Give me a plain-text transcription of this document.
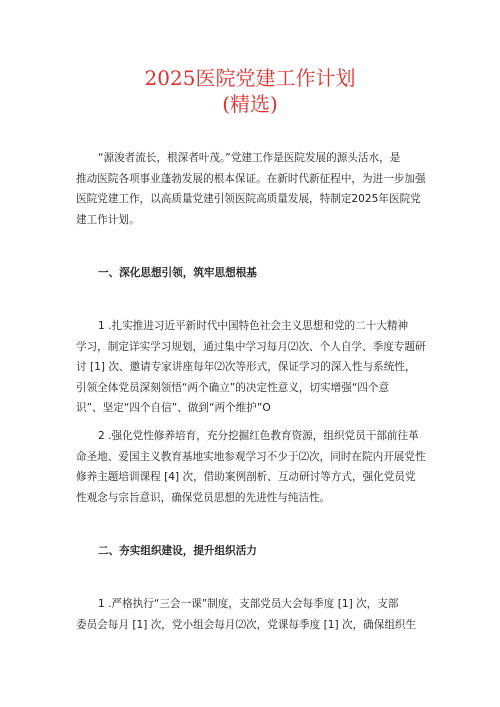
2025医院党建工作计划
(精选)

“源浚者流长，根深者叶茂。”党建工作是医院发展的源头活水，是
推动医院各项事业蓬勃发展的根本保证。在新时代新征程中，为进一步加强
医院党建工作，以高质量党建引领医院高质量发展，特制定2025年医院党
建工作计划。

一、深化思想引领，筑牢思想根基

1 .扎实推进习近平新时代中国特色社会主义思想和党的二十大精神
学习，制定详实学习规划，通过集中学习每月⑵次、个人自学、季度专题研
讨 [1] 次、邀请专家讲座每年⑵次等形式，保证学习的深入性与系统性，
引领全体党员深刻领悟“两个确立”的决定性意义，切实增强“四个意
识”、坚定“四个自信”、做到“两个维护”O

2 .强化党性修养培育，充分挖掘红色教育资源，组织党员干部前往革
命圣地、爱国主义教育基地实地参观学习不少于⑵次，同时在院内开展党性
修养主题培训课程 [4] 次，借助案例剖析、互动研讨等方式，强化党员党
性观念与宗旨意识，确保党员思想的先进性与纯洁性。

二、夯实组织建设，提升组织活力

1 .严格执行“三会一课”制度，支部党员大会每季度 [1] 次，支部
委员会每月 [1] 次，党小组会每月⑵次，党课每季度 [1] 次，确保组织生
